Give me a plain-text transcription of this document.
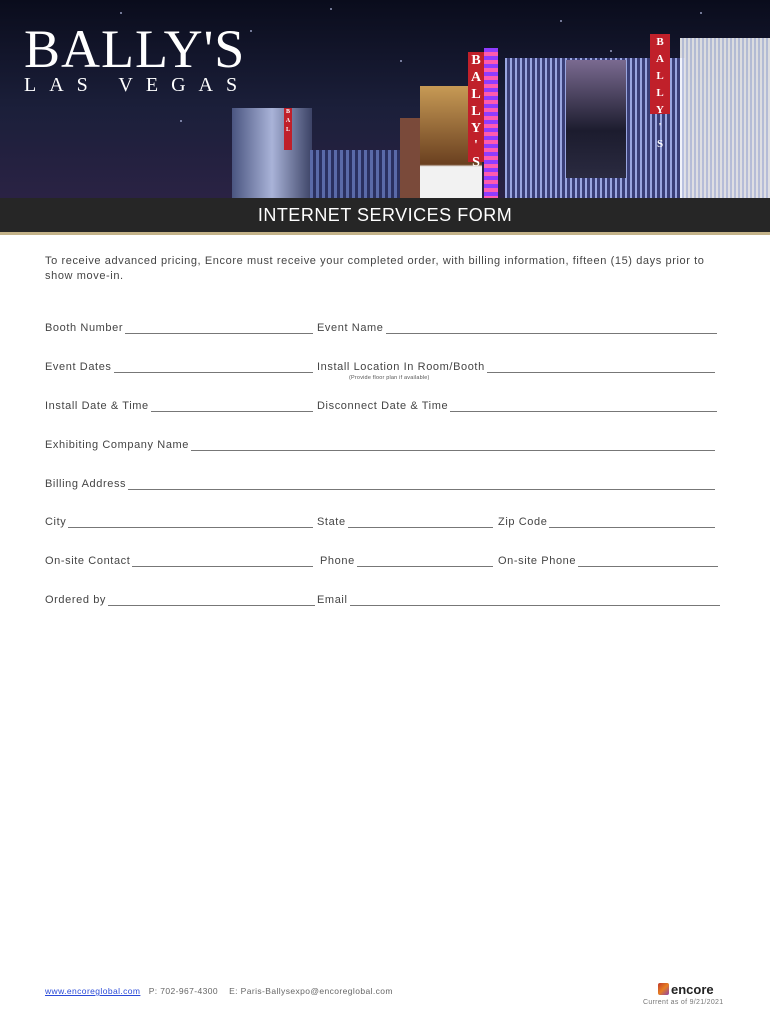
BALLY'S
LAS VEGAS
B
A
L
L
Y
'
S
B
A
L
L
Y
'
S
B
A
L
INTERNET SERVICES FORM
To receive advanced pricing, Encore must receive your completed order, with billing information, fifteen (15) days prior to show move-in.
Booth Number	Event Name
Event Dates	Install Location In Room/Booth
(Provide floor plan if available)
Install Date & Time	Disconnect Date & Time
Exhibiting Company Name
Billing Address
City	State	Zip Code
On-site Contact	Phone	On-site Phone
Ordered by	Email
www.encoreglobal.com P: 702-967-4300 E: Paris-Ballysexpo@encoreglobal.com	encore
Current as of 9/21/2021
